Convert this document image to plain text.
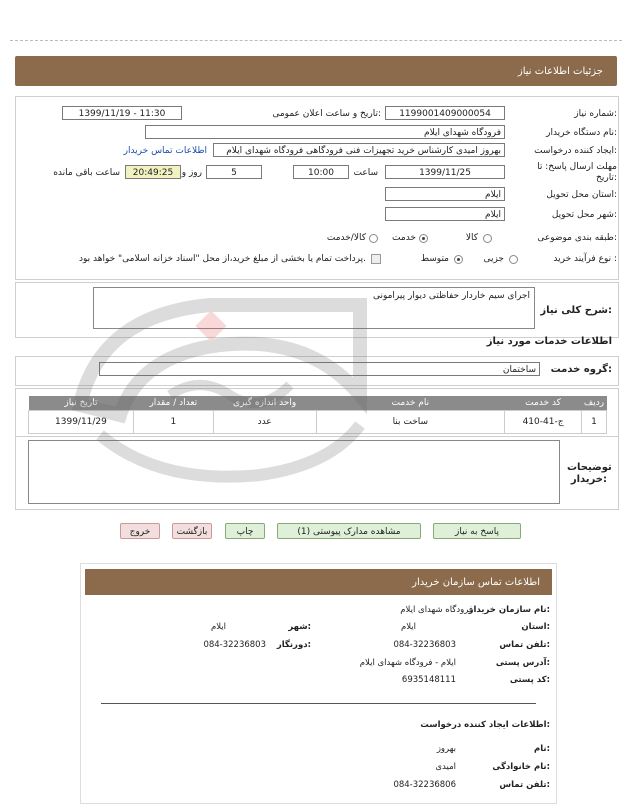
جزئیات اطلاعات نیاز
شماره نیاز:
1199001409000054
تاریخ و ساعت اعلان عمومی:
1399/11/19 - 11:30
نام دستگاه خریدار:
فرودگاه شهدای ایلام
ایجاد کننده درخواست:
بهروز امیدی کارشناس خرید تجهیزات فنی فرودگاهی فرودگاه شهدای ایلام
اطلاعات تماس خریدار
مهلت ارسال پاسخ: تا تاریخ:
1399/11/25
ساعت
10:00
5
روز و
20:49:25
ساعت باقی مانده
استان محل تحویل:
ایلام
شهر محل تحویل:
ایلام
طبقه بندی موضوعی:
کالا
خدمت
کالا/خدمت
نوع فرآیند خرید :
جزیی
متوسط
پرداخت تمام یا بخشی از مبلغ خرید،از محل "اسناد خزانه اسلامی" خواهد بود.
شرح کلی نیاز:
اجرای سیم خاردار حفاظتی دیوار پیرامونی
اطلاعات خدمات مورد نیاز
گروه خدمت:
ساختمان
ردیف	کد خدمت	نام خدمت	واحد اندازه گیری	تعداد / مقدار	تاریخ نیاز
1	ج-41-410	ساخت بنا	عدد	1	1399/11/29
توضیحات خریدار:
پاسخ به نیاز
مشاهده مدارک پیوستی (1)
چاپ
بازگشت
خروج
اطلاعات تماس سازمان خریدار
نام سازمان خریدار:
فرودگاه شهدای ایلام
استان:
ایلام
شهر:
ایلام
تلفن تماس:
084-32236803
دورنگار:
084-32236803
آدرس پستی:
ایلام - فرودگاه شهدای ایلام
کد پستی:
6935148111
اطلاعات ایجاد کننده درخواست:
نام:
بهروز
نام خانوادگی:
امیدی
تلفن تماس:
084-32236806
